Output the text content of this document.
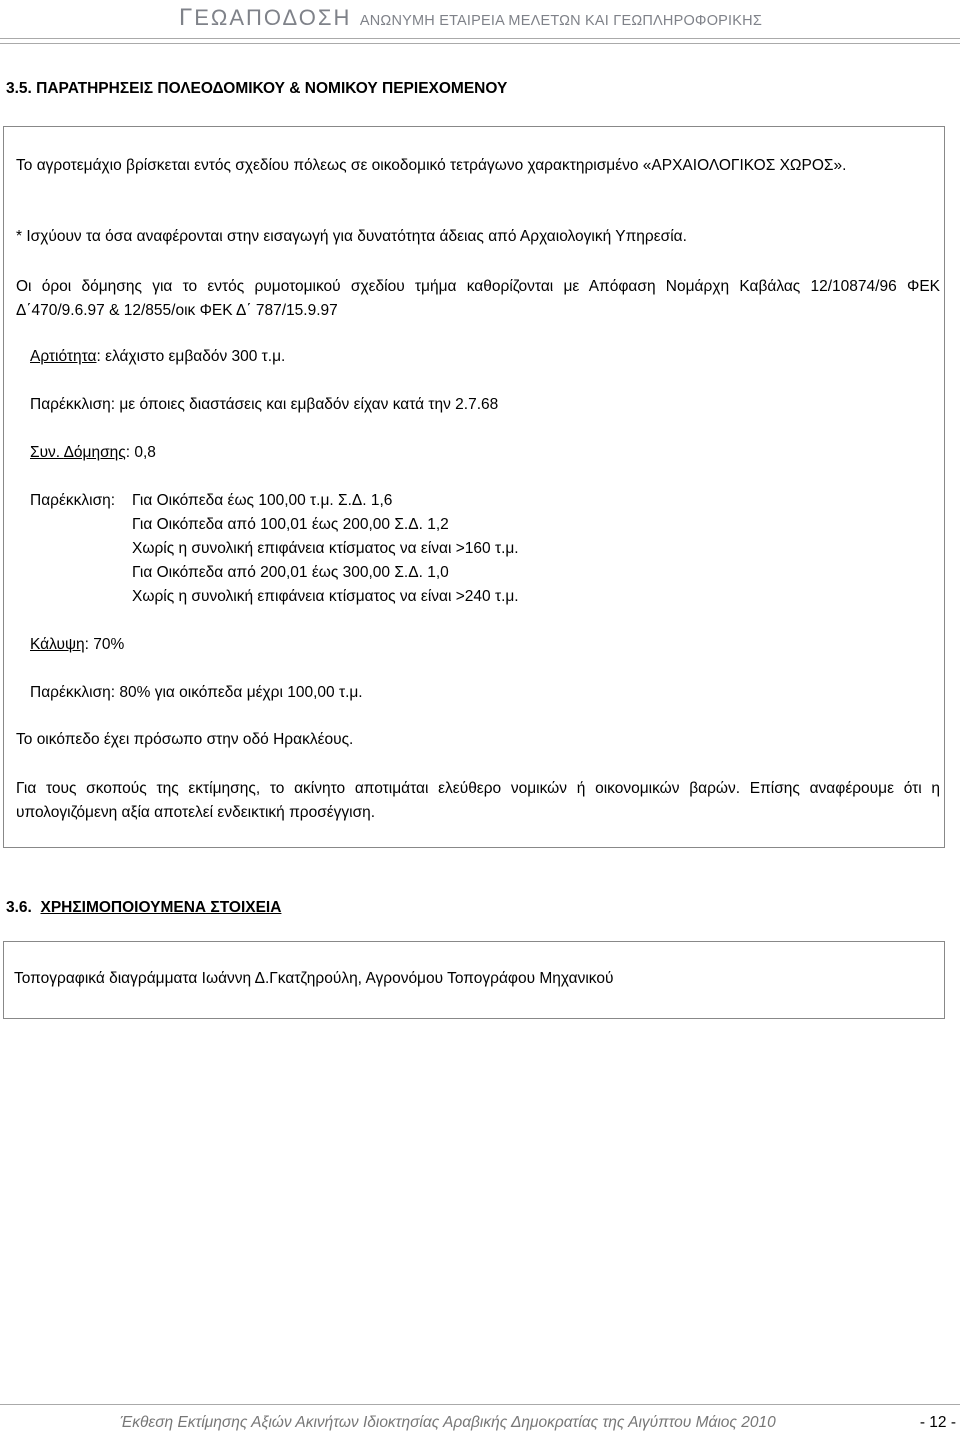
ΓΕΩΑΠΟΔΟΣΗ ΑΝΩΝΥΜΗ ΕΤΑΙΡΕΙΑ ΜΕΛΕΤΩΝ ΚΑΙ ΓΕΩΠΛΗΡΟΦΟΡΙΚΗΣ
3.5. ΠΑΡΑΤΗΡΗΣΕΙΣ ΠΟΛΕΟΔΟΜΙΚΟΥ & ΝΟΜΙΚΟΥ ΠΕΡΙΕΧΟΜΕΝΟΥ
Το αγροτεμάχιο βρίσκεται εντός σχεδίου πόλεως σε οικοδομικό τετράγωνο χαρακτηρισμένο «ΑΡΧΑΙΟΛΟΓΙΚΟΣ ΧΩΡΟΣ».
* Ισχύουν τα όσα αναφέρονται στην εισαγωγή για δυνατότητα άδειας από Αρχαιολογική Υπηρεσία.
Οι όροι δόμησης για το εντός ρυμοτομικού σχεδίου τμήμα καθορίζονται με Απόφαση Νομάρχη Καβάλας 12/10874/96 ΦΕΚ Δ΄470/9.6.97 & 12/855/οικ ΦΕΚ Δ΄ 787/15.9.97
Αρτιότητα: ελάχιστο εμβαδόν 300 τ.μ.
Παρέκκλιση: με όποιες διαστάσεις και εμβαδόν είχαν κατά την 2.7.68
Συν. Δόμησης: 0,8
Παρέκκλιση: Για Οικόπεδα έως 100,00 τ.μ. Σ.Δ. 1,6
Για Οικόπεδα από 100,01 έως 200,00 Σ.Δ. 1,2
Χωρίς η συνολική επιφάνεια κτίσματος να είναι >160 τ.μ.
Για Οικόπεδα από 200,01 έως 300,00 Σ.Δ. 1,0
Χωρίς η συνολική επιφάνεια κτίσματος να είναι >240 τ.μ.
Κάλυψη: 70%
Παρέκκλιση: 80% για οικόπεδα μέχρι 100,00 τ.μ.
Το οικόπεδο έχει πρόσωπο στην οδό Ηρακλέους.
Για τους σκοπούς της εκτίμησης, το ακίνητο αποτιμάται ελεύθερο νομικών ή οικονομικών βαρών. Επίσης αναφέρουμε ότι η υπολογιζόμενη αξία αποτελεί ενδεικτική προσέγγιση.
3.6. ΧΡΗΣΙΜΟΠΟΙΟΥΜΕΝΑ ΣΤΟΙΧΕΙΑ
Τοπογραφικά διαγράμματα Ιωάννη Δ.Γκατζηρούλη, Αγρονόμου Τοπογράφου Μηχανικού
Έκθεση Εκτίμησης Αξιών Ακινήτων Ιδιοκτησίας Αραβικής Δημοκρατίας της Αιγύπτου Μάιος 2010	- 12 -
